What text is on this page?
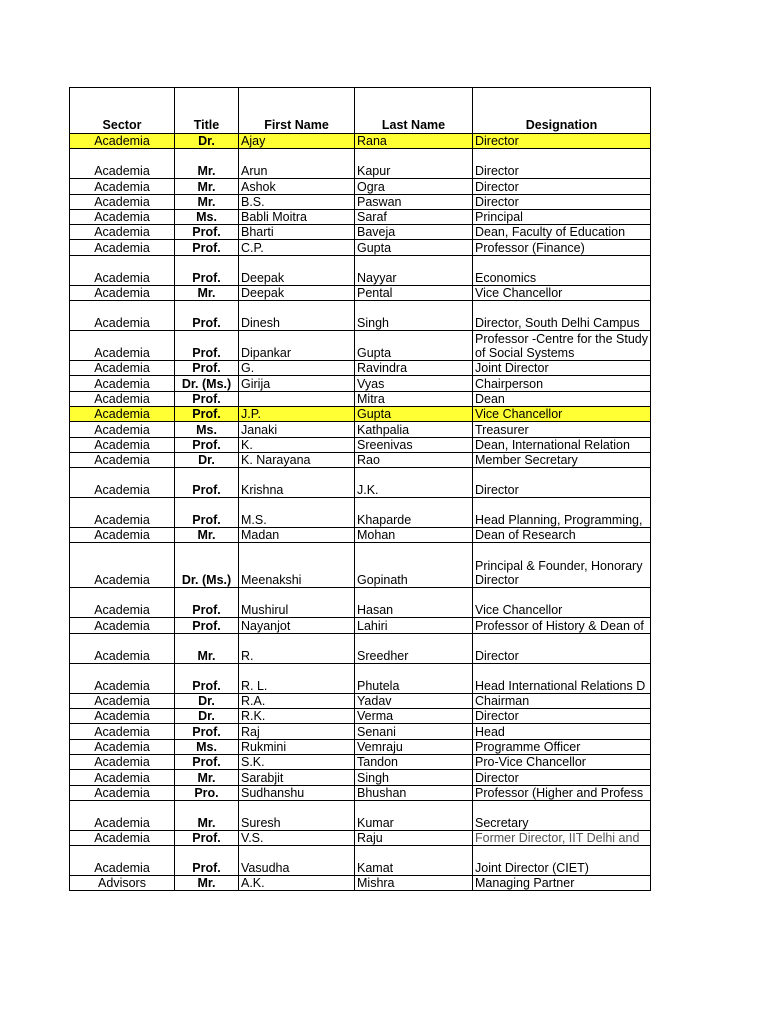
Sector	Title	First Name	Last Name	Designation
Academia	Dr.	Ajay	Rana	Director
Academia	Mr.	Arun	Kapur	Director
Academia	Mr.	Ashok	Ogra	Director
Academia	Mr.	B.S.	Paswan	Director
Academia	Ms.	Babli Moitra	Saraf	Principal
Academia	Prof.	Bharti	Baveja	Dean, Faculty of Education
Academia	Prof.	C.P.	Gupta	Professor (Finance)
Academia	Prof.	Deepak	Nayyar	Economics
Academia	Mr.	Deepak	Pental	Vice Chancellor
Academia	Prof.	Dinesh	Singh	Director, South Delhi Campus
Academia	Prof.	Dipankar	Gupta	Professor -Centre for the Study of Social Systems
Academia	Prof.	G.	Ravindra	Joint Director
Academia	Dr. (Ms.)	Girija	Vyas	Chairperson
Academia	Prof.		Mitra	Dean
Academia	Prof.	J.P.	Gupta	Vice Chancellor
Academia	Ms.	Janaki	Kathpalia	Treasurer
Academia	Prof.	K.	Sreenivas	Dean, International Relation
Academia	Dr.	K. Narayana	Rao	Member Secretary
Academia	Prof.	Krishna	J.K.	Director
Academia	Prof.	M.S.	Khaparde	Head Planning, Programming,
Academia	Mr.	Madan	Mohan	Dean of Research
Academia	Dr. (Ms.)	Meenakshi	Gopinath	Principal & Founder, Honorary Director
Academia	Prof.	Mushirul	Hasan	Vice Chancellor
Academia	Prof.	Nayanjot	Lahiri	Professor of History & Dean of
Academia	Mr.	R.	Sreedher	Director
Academia	Prof.	R. L.	Phutela	Head International Relations D
Academia	Dr.	R.A.	Yadav	Chairman
Academia	Dr.	R.K.	Verma	Director
Academia	Prof.	Raj	Senani	Head
Academia	Ms.	Rukmini	Vemraju	Programme Officer
Academia	Prof.	S.K.	Tandon	Pro-Vice Chancellor
Academia	Mr.	Sarabjit	Singh	Director
Academia	Pro.	Sudhanshu	Bhushan	Professor (Higher and Profess
Academia	Mr.	Suresh	Kumar	Secretary
Academia	Prof.	V.S.	Raju	Former Director, IIT Delhi and
Academia	Prof.	Vasudha	Kamat	Joint Director (CIET)
Advisors	Mr.	A.K.	Mishra	Managing Partner
